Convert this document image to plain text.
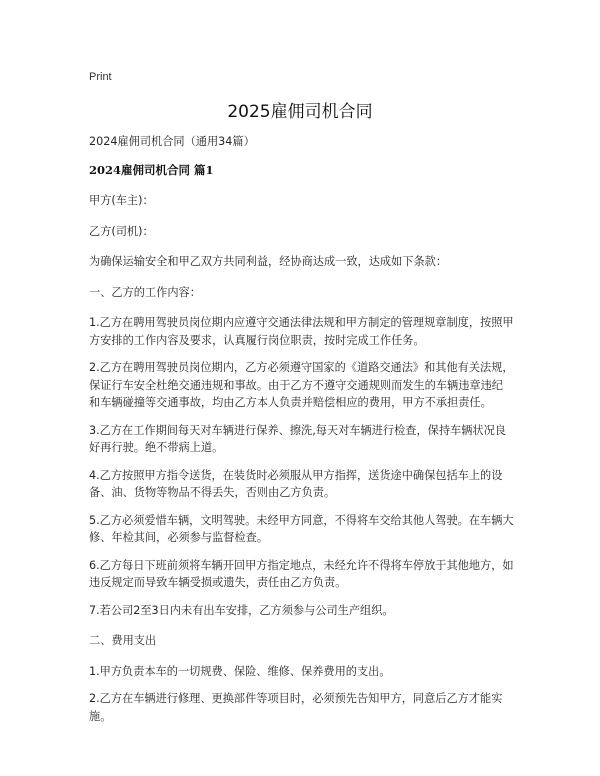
Print
2025雇佣司机合同

2024雇佣司机合同（通用34篇）

2024雇佣司机合同 篇1

甲方(车主)：

乙方(司机)：

为确保运输安全和甲乙双方共同利益，经协商达成一致，达成如下条款：

一、乙方的工作内容：

1.乙方在聘用驾驶员岗位期内应遵守交通法律法规和甲方制定的管理规章制度，按照甲方安排的工作内容及要求，认真履行岗位职责，按时完成工作任务。

2.乙方在聘用驾驶员岗位期内，乙方必须遵守国家的《道路交通法》和其他有关法规，保证行车安全杜绝交通违规和事故。由于乙方不遵守交通规则而发生的车辆违章违纪和车辆碰撞等交通事故，均由乙方本人负责并赔偿相应的费用，甲方不承担责任。

3.乙方在工作期间每天对车辆进行保养、擦洗,每天对车辆进行检查，保持车辆状况良好再行驶。绝不带病上道。

4.乙方按照甲方指令送货，在装货时必须服从甲方指挥，送货途中确保包括车上的设备、油、货物等物品不得丢失，否则由乙方负责。

5.乙方必须爱惜车辆，文明驾驶。未经甲方同意，不得将车交给其他人驾驶。在车辆大修、年检其间，必须参与监督检查。

6.乙方每日下班前须将车辆开回甲方指定地点，未经允许不得将车停放于其他地方，如违反规定而导致车辆受损或遗失，责任由乙方负责。

7.若公司2至3日内未有出车安排，乙方须参与公司生产组织。

二、费用支出

1.甲方负责本车的一切规费、保险、维修、保养费用的支出。

2.乙方在车辆进行修理、更换部件等项目时，必须预先告知甲方，同意后乙方才能实施。
